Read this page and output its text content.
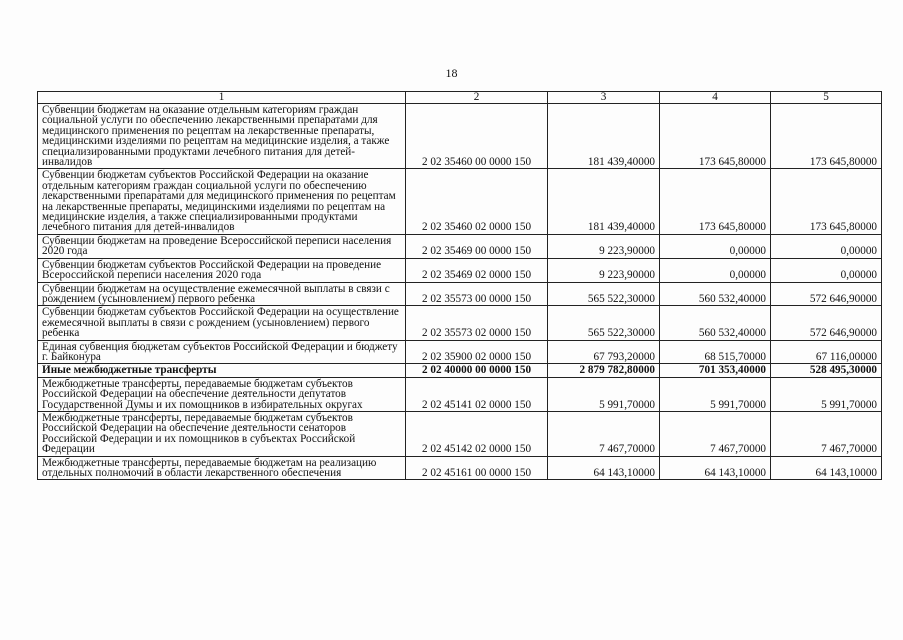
18
1	2	3	4	5
Субвенции бюджетам на оказание отдельным категориям граждан социальной услуги по обеспечению лекарственными препаратами для медицинского применения по рецептам на лекарственные препараты, медицинскими изделиями по рецептам на медицинские изделия, а также специализированными продуктами лечебного питания для детей-инвалидов	2 02 35460 00 0000 150	181 439,40000	173 645,80000	173 645,80000
Субвенции бюджетам субъектов Российской Федерации на оказание отдельным категориям граждан социальной услуги по обеспечению лекарственными препаратами для медицинского применения по рецептам на лекарственные препараты, медицинскими изделиями по рецептам на медицинские изделия, а также специализированными продуктами лечебного питания для детей-инвалидов	2 02 35460 02 0000 150	181 439,40000	173 645,80000	173 645,80000
Субвенции бюджетам на проведение Всероссийской переписи населения 2020 года	2 02 35469 00 0000 150	9 223,90000	0,00000	0,00000
Субвенции бюджетам субъектов Российской Федерации на проведение Всероссийской переписи населения 2020 года	2 02 35469 02 0000 150	9 223,90000	0,00000	0,00000
Субвенции бюджетам на осуществление ежемесячной выплаты в связи с рождением (усыновлением) первого ребенка	2 02 35573 00 0000 150	565 522,30000	560 532,40000	572 646,90000
Субвенции бюджетам субъектов Российской Федерации на осуществление ежемесячной выплаты в связи с рождением (усыновлением) первого ребенка	2 02 35573 02 0000 150	565 522,30000	560 532,40000	572 646,90000
Единая субвенция бюджетам субъектов Российской Федерации и бюджету г. Байконура	2 02 35900 02 0000 150	67 793,20000	68 515,70000	67 116,00000
Иные межбюджетные трансферты	2 02 40000 00 0000 150	2 879 782,80000	701 353,40000	528 495,30000
Межбюджетные трансферты, передаваемые бюджетам субъектов Российской Федерации на обеспечение деятельности депутатов Государственной Думы и их помощников в избирательных округах	2 02 45141 02 0000 150	5 991,70000	5 991,70000	5 991,70000
Межбюджетные трансферты, передаваемые бюджетам субъектов Российской Федерации на обеспечение деятельности сенаторов Российской Федерации и их помощников в субъектах Российской Федерации	2 02 45142 02 0000 150	7 467,70000	7 467,70000	7 467,70000
Межбюджетные трансферты, передаваемые бюджетам на реализацию отдельных полномочий в области лекарственного обеспечения	2 02 45161 00 0000 150	64 143,10000	64 143,10000	64 143,10000
